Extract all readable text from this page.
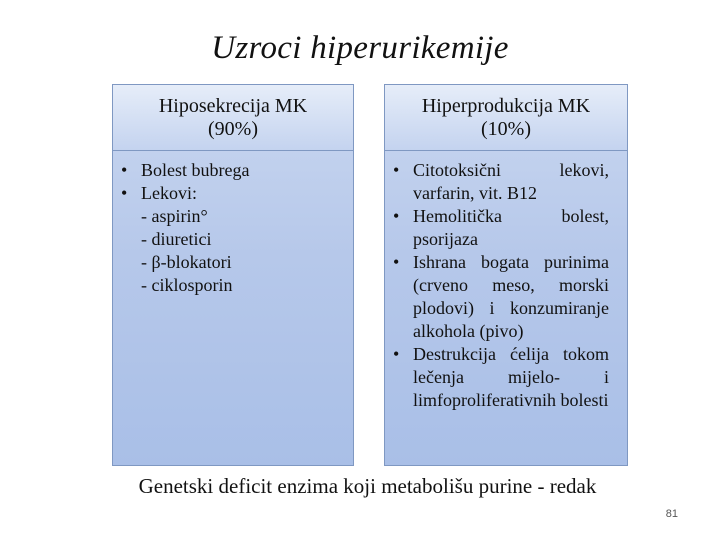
Uzroci hiperurikemije
Hiposekrecija MK
(90%)
• Bolest bubrega
• Lekovi:
- aspirin°
- diuretici
- β-blokatori
- ciklosporin
Hiperprodukcija MK
(10%)
• Citotoksični lekovi, varfarin, vit. B12
• Hemolitička bolest, psorijaza
• Ishrana bogata purinima (crveno meso, morski plodovi) i konzumiranje alkohola (pivo)
• Destrukcija ćelija tokom lečenja mijelo- i limfoproliferativnih bolesti
Genetski deficit enzima koji metabolišu purine - redak
81
